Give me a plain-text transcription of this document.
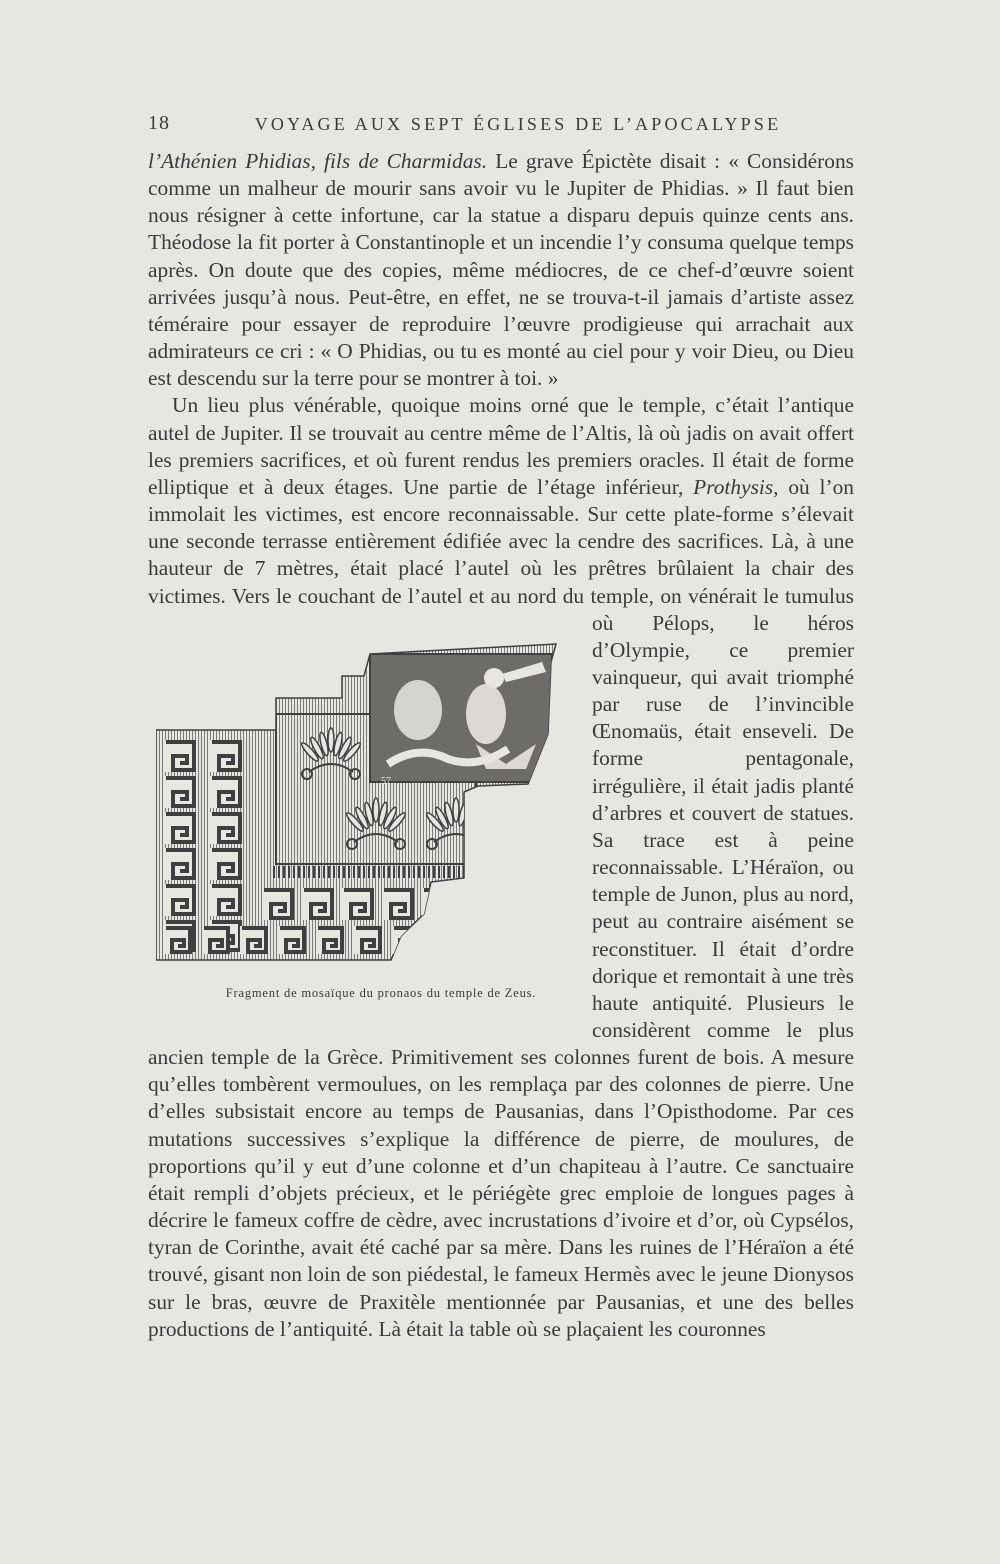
18	VOYAGE AUX SEPT ÉGLISES DE L’APOCALYPSE

l’Athénien Phidias, fils de Charmidas. Le grave Épictète disait : « Considérons comme un malheur de mourir sans avoir vu le Jupiter de Phidias. » Il faut bien nous résigner à cette infortune, car la statue a disparu depuis quinze cents ans. Théodose la fit porter à Constantinople et un incendie l’y consuma quelque temps après. On doute que des copies, même médiocres, de ce chef-d’œuvre soient arrivées jusqu’à nous. Peut-être, en effet, ne se trouva-t-il jamais d’artiste assez téméraire pour essayer de reproduire l’œuvre prodigieuse qui arrachait aux admirateurs ce cri : « O Phidias, ou tu es monté au ciel pour y voir Dieu, ou Dieu est descendu sur la terre pour se montrer à toi. »

Un lieu plus vénérable, quoique moins orné que le temple, c’était l’antique autel de Jupiter. Il se trouvait au centre même de l’Altis, là où jadis on avait offert les premiers sacrifices, et où furent rendus les premiers oracles. Il était de forme elliptique et à deux étages. Une partie de l’étage inférieur, Prothysis, où l’on immolait les victimes, est encore reconnaissable. Sur cette plate-forme s’élevait une seconde terrasse entièrement édifiée avec la cendre des sacrifices. Là, à une hauteur de 7 mètres, était placé l’autel où les prêtres brûlaient la chair des victimes. Vers le couchant de l’autel et au nord du temple, on véné
57
Fragment de mosaïque du pronaos du temple de Zeus.
rait le tumulus où Pélops, le héros d’Olympie, ce premier vainqueur, qui avait triomphé par ruse de l’invincible Œnomaüs, était enseveli. De forme pentagonale, irrégulière, il était jadis planté d’arbres et couvert de statues. Sa trace est à peine reconnaissable. L’Héraïon, ou temple de Junon, plus au nord, peut au contraire aisément se reconstituer. Il était d’ordre dorique et remontait à une très haute antiquité. Plusieurs le considèrent comme le plus ancien temple de la Grèce. Primitivement ses colonnes furent de bois. A mesure qu’elles tombèrent vermoulues, on les remplaça par des colonnes de pierre. Une d’elles subsistait encore au temps de Pausanias, dans l’Opisthodome. Par ces mutations successives s’explique la différence de pierre, de moulures, de proportions qu’il y eut d’une colonne et d’un chapiteau à l’autre. Ce sanctuaire était rempli d’objets précieux, et le périégète grec emploie de longues pages à décrire le fameux coffre de cèdre, avec incrustations d’ivoire et d’or, où Cypsélos, tyran de Corinthe, avait été caché par sa mère. Dans les ruines de l’Héraïon a été trouvé, gisant non loin de son piédestal, le fameux Hermès avec le jeune Dionysos sur le bras, œuvre de Praxitèle mentionnée par Pausanias, et une des belles productions de l’antiquité. Là était la table où se plaçaient les couronnes
